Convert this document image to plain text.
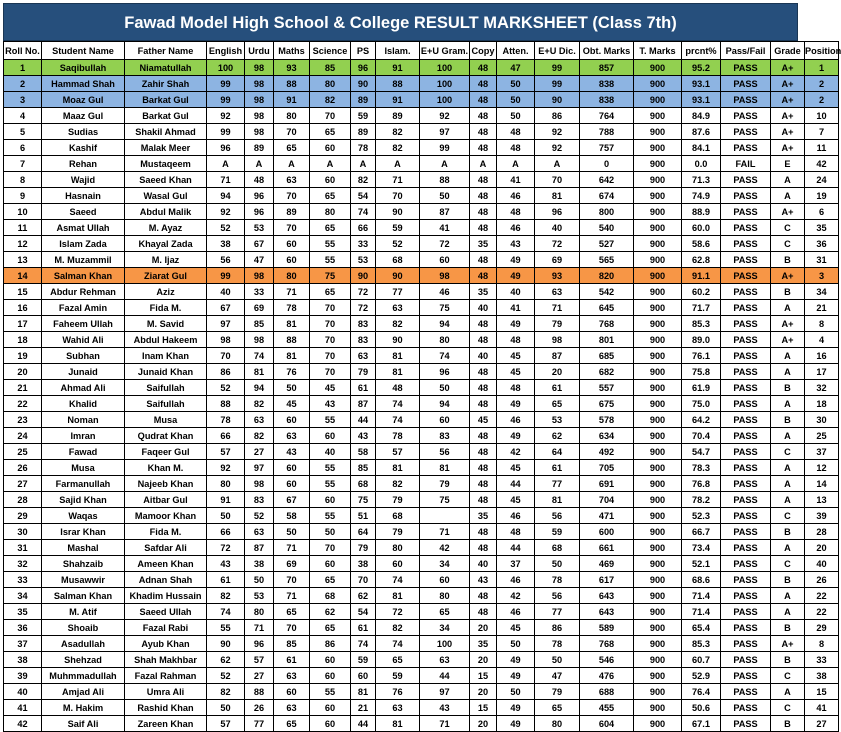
Fawad Model High School & College RESULT MARKSHEET (Class 7th)
Roll No.	Student Name	Father Name	English	Urdu	Maths	Science	PS	Islam.	E+U Gram.	Copy	Atten.	E+U Dic.	Obt. Marks	T. Marks	prcnt%	Pass/Fail	Grade	Position
1	Saqibullah	Niamatullah	100	98	93	85	96	91	100	48	47	99	857	900	95.2	PASS	A+	1
2	Hammad Shah	Zahir Shah	99	98	88	80	90	88	100	48	50	99	838	900	93.1	PASS	A+	2
3	Moaz Gul	Barkat Gul	99	98	91	82	89	91	100	48	50	90	838	900	93.1	PASS	A+	2
4	Maaz Gul	Barkat Gul	92	98	80	70	59	89	92	48	50	86	764	900	84.9	PASS	A+	10
5	Sudias	Shakil Ahmad	99	98	70	65	89	82	97	48	48	92	788	900	87.6	PASS	A+	7
6	Kashif	Malak Meer	96	89	65	60	78	82	99	48	48	92	757	900	84.1	PASS	A+	11
7	Rehan	Mustaqeem	A	A	A	A	A	A	A	A	A	A	0	900	0.0	FAIL	E	42
8	Wajid	Saeed Khan	71	48	63	60	82	71	88	48	41	70	642	900	71.3	PASS	A	24
9	Hasnain	Wasal Gul	94	96	70	65	54	70	50	48	46	81	674	900	74.9	PASS	A	19
10	Saeed	Abdul Malik	92	96	89	80	74	90	87	48	48	96	800	900	88.9	PASS	A+	6
11	Asmat Ullah	M. Ayaz	52	53	70	65	66	59	41	48	46	40	540	900	60.0	PASS	C	35
12	Islam Zada	Khayal Zada	38	67	60	55	33	52	72	35	43	72	527	900	58.6	PASS	C	36
13	M. Muzammil	M. Ijaz	56	47	60	55	53	68	60	48	49	69	565	900	62.8	PASS	B	31
14	Salman Khan	Ziarat Gul	99	98	80	75	90	90	98	48	49	93	820	900	91.1	PASS	A+	3
15	Abdur Rehman	Aziz	40	33	71	65	72	77	46	35	40	63	542	900	60.2	PASS	B	34
16	Fazal Amin	Fida M.	67	69	78	70	72	63	75	40	41	71	645	900	71.7	PASS	A	21
17	Faheem Ullah	M. Savid	97	85	81	70	83	82	94	48	49	79	768	900	85.3	PASS	A+	8
18	Wahid Ali	Abdul Hakeem	98	98	88	70	83	90	80	48	48	98	801	900	89.0	PASS	A+	4
19	Subhan	Inam Khan	70	74	81	70	63	81	74	40	45	87	685	900	76.1	PASS	A	16
20	Junaid	Junaid Khan	86	81	76	70	79	81	96	48	45	20	682	900	75.8	PASS	A	17
21	Ahmad Ali	Saifullah	52	94	50	45	61	48	50	48	48	61	557	900	61.9	PASS	B	32
22	Khalid	Saifullah	88	82	45	43	87	74	94	48	49	65	675	900	75.0	PASS	A	18
23	Noman	Musa	78	63	60	55	44	74	60	45	46	53	578	900	64.2	PASS	B	30
24	Imran	Qudrat Khan	66	82	63	60	43	78	83	48	49	62	634	900	70.4	PASS	A	25
25	Fawad	Faqeer Gul	57	27	43	40	58	57	56	48	42	64	492	900	54.7	PASS	C	37
26	Musa	Khan M.	92	97	60	55	85	81	81	48	45	61	705	900	78.3	PASS	A	12
27	Farmanullah	Najeeb Khan	80	98	60	55	68	82	79	48	44	77	691	900	76.8	PASS	A	14
28	Sajid Khan	Aitbar Gul	91	83	67	60	75	79	75	48	45	81	704	900	78.2	PASS	A	13
29	Waqas	Mamoor Khan	50	52	58	55	51	68		35	46	56	471	900	52.3	PASS	C	39
30	Israr Khan	Fida M.	66	63	50	50	64	79	71	48	48	59	600	900	66.7	PASS	B	28
31	Mashal	Safdar Ali	72	87	71	70	79	80	42	48	44	68	661	900	73.4	PASS	A	20
32	Shahzaib	Ameen Khan	43	38	69	60	38	60	34	40	37	50	469	900	52.1	PASS	C	40
33	Musawwir	Adnan Shah	61	50	70	65	70	74	60	43	46	78	617	900	68.6	PASS	B	26
34	Salman Khan	Khadim Hussain	82	53	71	68	62	81	80	48	42	56	643	900	71.4	PASS	A	22
35	M. Atif	Saeed Ullah	74	80	65	62	54	72	65	48	46	77	643	900	71.4	PASS	A	22
36	Shoaib	Fazal Rabi	55	71	70	65	61	82	34	20	45	86	589	900	65.4	PASS	B	29
37	Asadullah	Ayub Khan	90	96	85	86	74	74	100	35	50	78	768	900	85.3	PASS	A+	8
38	Shehzad	Shah Makhbar	62	57	61	60	59	65	63	20	49	50	546	900	60.7	PASS	B	33
39	Muhmmadullah	Fazal Rahman	52	27	63	60	60	59	44	15	49	47	476	900	52.9	PASS	C	38
40	Amjad Ali	Umra Ali	82	88	60	55	81	76	97	20	50	79	688	900	76.4	PASS	A	15
41	M. Hakim	Rashid Khan	50	26	63	60	21	63	43	15	49	65	455	900	50.6	PASS	C	41
42	Saif Ali	Zareen Khan	57	77	65	60	44	81	71	20	49	80	604	900	67.1	PASS	B	27
